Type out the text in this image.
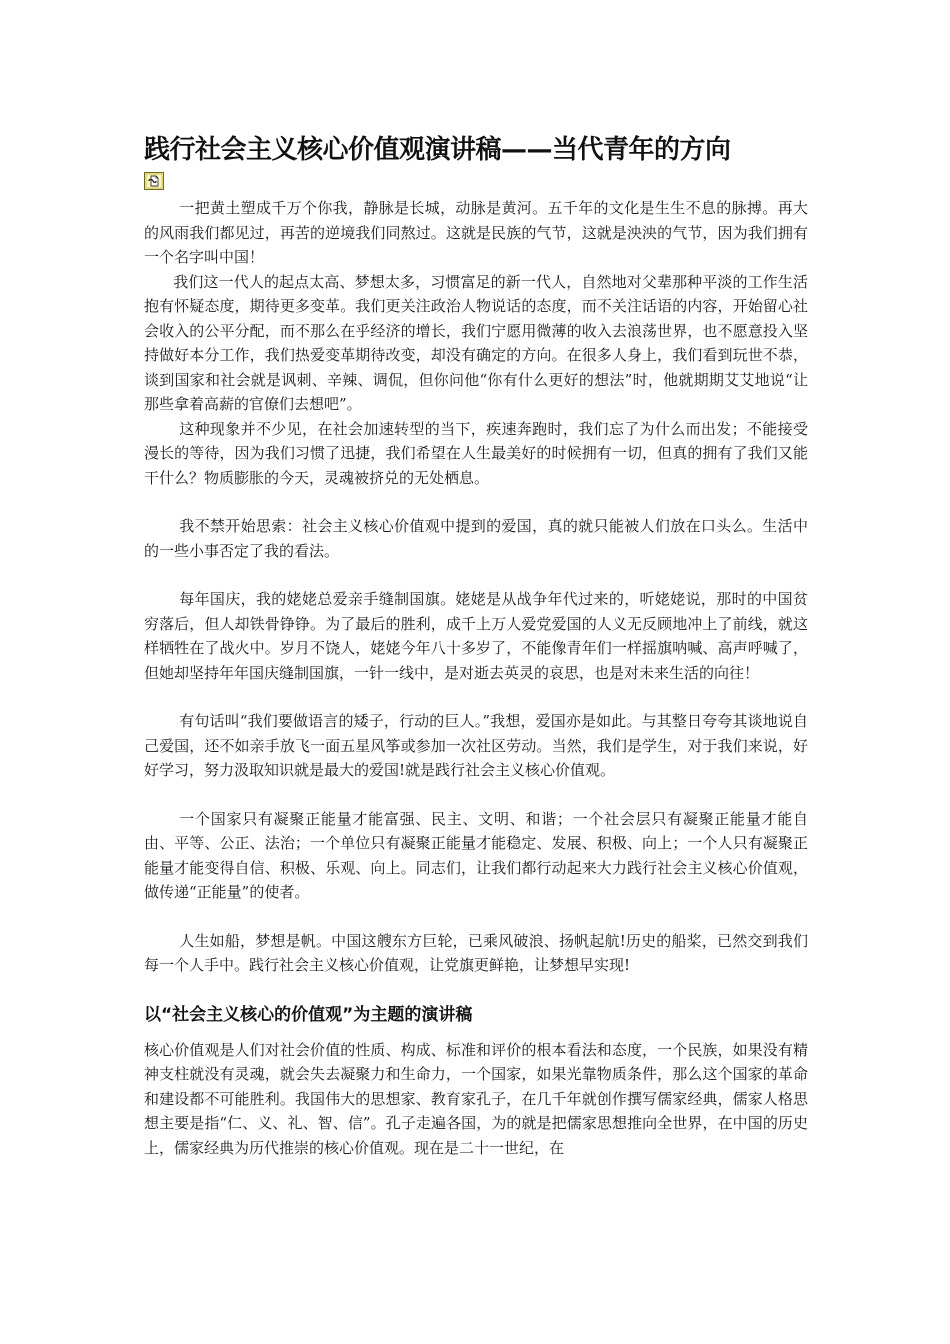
践行社会主义核心价值观演讲稿——当代青年的方向

一把黄土塑成千万个你我，静脉是长城，动脉是黄河。五千年的文化是生生不息的脉搏。再大的风雨我们都见过，再苦的逆境我们同熬过。这就是民族的气节，这就是泱泱的气节，因为我们拥有一个名字叫中国！

我们这一代人的起点太高、梦想太多，习惯富足的新一代人，自然地对父辈那种平淡的工作生活抱有怀疑态度，期待更多变革。我们更关注政治人物说话的态度，而不关注话语的内容，开始留心社会收入的公平分配，而不那么在乎经济的增长，我们宁愿用微薄的收入去浪荡世界，也不愿意投入坚持做好本分工作，我们热爱变革期待改变，却没有确定的方向。在很多人身上，我们看到玩世不恭，谈到国家和社会就是讽刺、辛辣、调侃，但你问他“你有什么更好的想法”时，他就期期艾艾地说“让那些拿着高薪的官僚们去想吧”。

这种现象并不少见，在社会加速转型的当下，疾速奔跑时，我们忘了为什么而出发；不能接受漫长的等待，因为我们习惯了迅捷，我们希望在人生最美好的时候拥有一切，但真的拥有了我们又能干什么？物质膨胀的今天，灵魂被挤兑的无处栖息。

我不禁开始思索：社会主义核心价值观中提到的爱国，真的就只能被人们放在口头么。生活中的一些小事否定了我的看法。

每年国庆，我的姥姥总爱亲手缝制国旗。姥姥是从战争年代过来的，听姥姥说，那时的中国贫穷落后，但人却铁骨铮铮。为了最后的胜利，成千上万人爱党爱国的人义无反顾地冲上了前线，就这样牺牲在了战火中。岁月不饶人，姥姥今年八十多岁了，不能像青年们一样摇旗呐喊、高声呼喊了，但她却坚持年年国庆缝制国旗，一针一线中，是对逝去英灵的哀思，也是对未来生活的向往！

有句话叫“我们要做语言的矮子，行动的巨人。”我想，爱国亦是如此。与其整日夸夸其谈地说自己爱国，还不如亲手放飞一面五星风筝或参加一次社区劳动。当然，我们是学生，对于我们来说，好好学习，努力汲取知识就是最大的爱国!就是践行社会主义核心价值观。

一个国家只有凝聚正能量才能富强、民主、文明、和谐；一个社会层只有凝聚正能量才能自由、平等、公正、法治；一个单位只有凝聚正能量才能稳定、发展、积极、向上；一个人只有凝聚正能量才能变得自信、积极、乐观、向上。同志们，让我们都行动起来大力践行社会主义核心价值观，做传递“正能量”的使者。

人生如船，梦想是帆。中国这艘东方巨轮，已乘风破浪、扬帆起航!历史的船桨，已然交到我们每一个人手中。践行社会主义核心价值观，让党旗更鲜艳，让梦想早实现!

以“社会主义核心的价值观”为主题的演讲稿

核心价值观是人们对社会价值的性质、构成、标准和评价的根本看法和态度，一个民族，如果没有精神支柱就没有灵魂，就会失去凝聚力和生命力，一个国家，如果光靠物质条件，那么这个国家的革命和建设都不可能胜利。我国伟大的思想家、教育家孔子，在几千年就创作撰写儒家经典，儒家人格思想主要是指“仁、义、礼、智、信”。孔子走遍各国，为的就是把儒家思想推向全世界，在中国的历史上，儒家经典为历代推崇的核心价值观。现在是二十一世纪，在
